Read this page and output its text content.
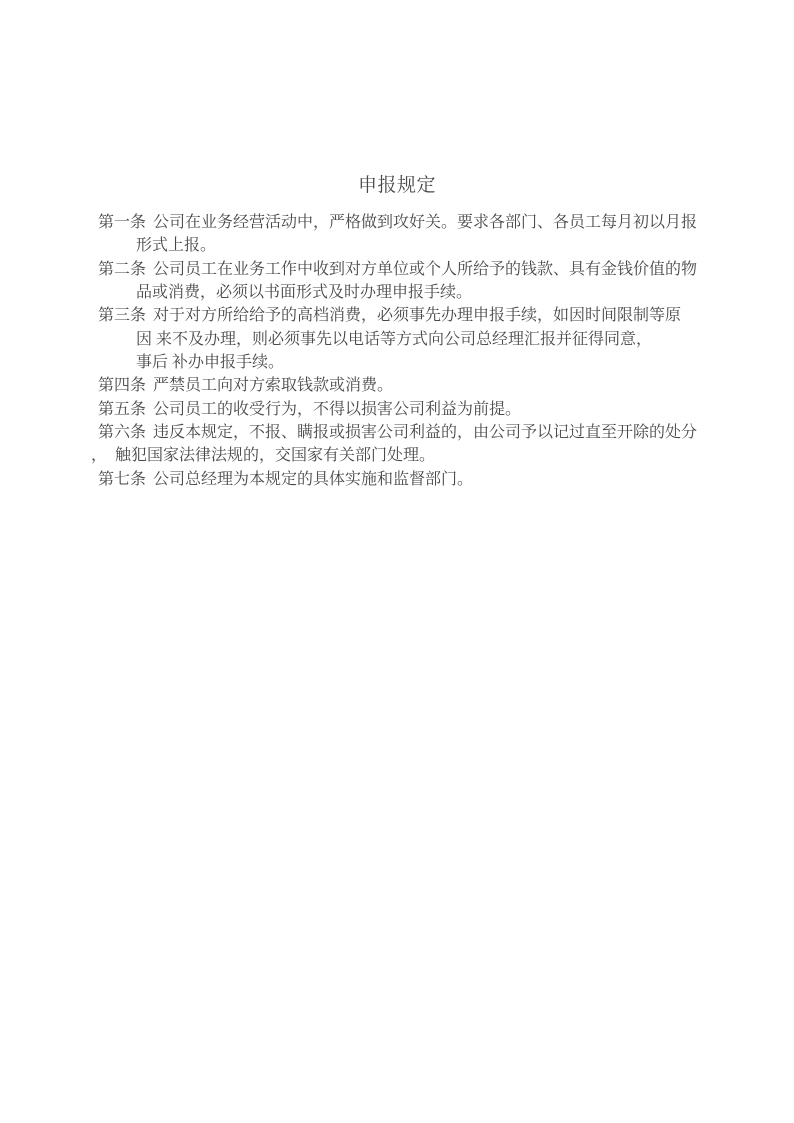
申报规定
第一条 公司在业务经营活动中，严格做到攻好关。要求各部门、各员工每月初以月报
形式上报。
第二条 公司员工在业务工作中收到对方单位或个人所给予的钱款、具有金钱价值的物
品或消费，必须以书面形式及时办理申报手续。
第三条 对于对方所给给予的高档消费，必须事先办理申报手续，如因时间限制等原
因 来不及办理，则必须事先以电话等方式向公司总经理汇报并征得同意，
事后 补办申报手续。
第四条 严禁员工向对方索取钱款或消费。
第五条 公司员工的收受行为，不得以损害公司利益为前提。
第六条 违反本规定，不报、瞒报或损害公司利益的，由公司予以记过直至开除的处分
，　触犯国家法律法规的，交国家有关部门处理。
第七条 公司总经理为本规定的具体实施和监督部门。
